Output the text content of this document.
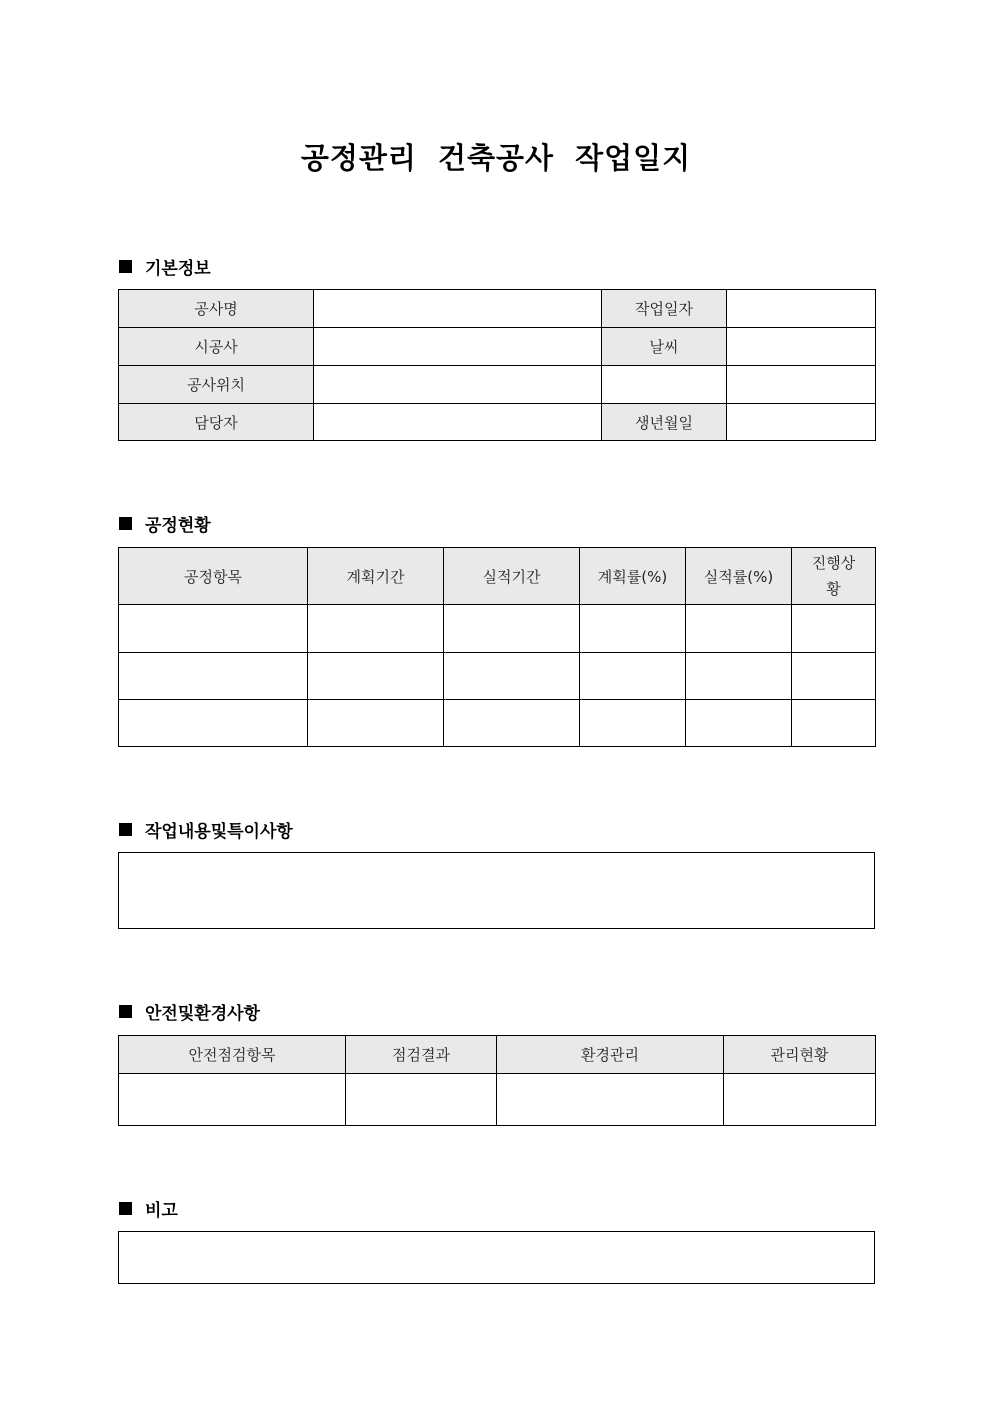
공정관리 건축공사 작업일지
기본정보
공사명		작업일자	
시공사		날씨	
공사위치			
담당자		생년월일	
공정현황
공정항목	계획기간	실적기간	계획률(%)	실적률(%)	진행상황

작업내용및특이사항
안전및환경사항
안전점검항목	점검결과	환경관리	관리현황

비고
